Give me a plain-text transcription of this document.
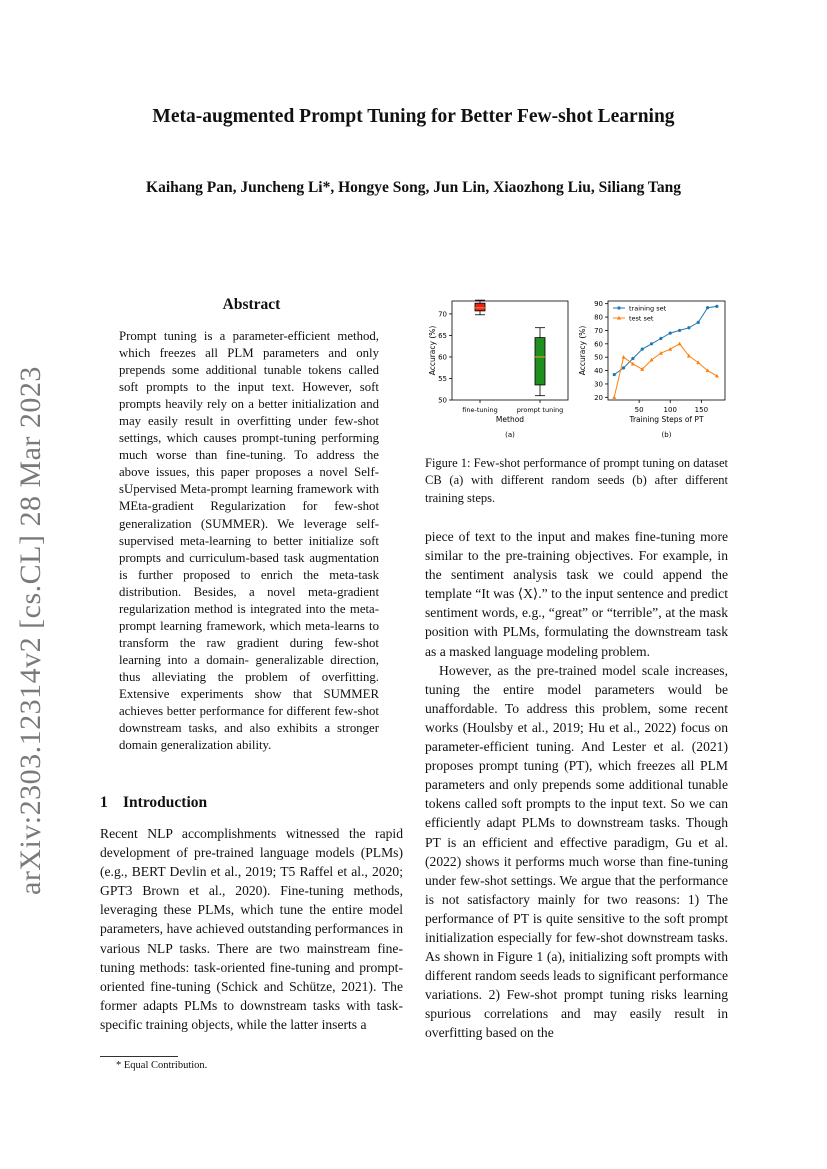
Meta-augmented Prompt Tuning for Better Few-shot Learning
Kaihang Pan, Juncheng Li*, Hongye Song, Jun Lin, Xiaozhong Liu, Siliang Tang
arXiv:2303.12314v2 [cs.CL] 28 Mar 2023
Abstract
Prompt tuning is a parameter-efficient method, which freezes all PLM parameters and only prepends some additional tunable tokens called soft prompts to the input text. However, soft prompts heavily rely on a better initialization and may easily result in overfitting under few-shot settings, which causes prompt-tuning performing much worse than fine-tuning. To address the above issues, this paper proposes a novel Self-sUpervised Meta-prompt learning framework with MEta-gradient Regularization for few-shot generalization (SUMMER). We leverage self-supervised meta-learning to better initialize soft prompts and curriculum-based task augmentation is further proposed to enrich the meta-task distribution. Besides, a novel meta-gradient regularization method is integrated into the meta-prompt learning framework, which meta-learns to transform the raw gradient during few-shot learning into a domain- generalizable direction, thus alleviating the problem of overfitting. Extensive experiments show that SUMMER achieves better performance for different few-shot downstream tasks, and also exhibits a stronger domain generalization ability.
1 Introduction
Recent NLP accomplishments witnessed the rapid development of pre-trained language models (PLMs) (e.g., BERT Devlin et al., 2019; T5 Raffel et al., 2020; GPT3 Brown et al., 2020). Fine-tuning methods, leveraging these PLMs, which tune the entire model parameters, have achieved outstanding performances in various NLP tasks. There are two mainstream fine-tuning methods: task-oriented fine-tuning and prompt-oriented fine-tuning (Schick and Schütze, 2021). The former adapts PLMs to downstream tasks with task-specific training objects, while the latter inserts a
* Equal Contribution.
50
55
60
65
70
fine-tuning	prompt tuning
Method
Accuracy (%)
(a)
20
30
40
50
60
70
80
90
50	100	150
training set
test set
Training Steps of PT
Accuracy (%)
(b)
Figure 1: Few-shot performance of prompt tuning on dataset CB (a) with different random seeds (b) after different training steps.

piece of text to the input and makes fine-tuning more similar to the pre-training objectives. For example, in the sentiment analysis task we could append the template “It was ⟨X⟩.” to the input sentence and predict sentiment words, e.g., “great” or “terrible”, at the mask position with PLMs, formulating the downstream task as a masked language modeling problem.

However, as the pre-trained model scale increases, tuning the entire model parameters would be unaffordable. To address this problem, some recent works (Houlsby et al., 2019; Hu et al., 2022) focus on parameter-efficient tuning. And Lester et al. (2021) proposes prompt tuning (PT), which freezes all PLM parameters and only prepends some additional tunable tokens called soft prompts to the input text. So we can efficiently adapt PLMs to downstream tasks. Though PT is an efficient and effective paradigm, Gu et al. (2022) shows it performs much worse than fine-tuning under few-shot settings. We argue that the performance is not satisfactory mainly for two reasons: 1) The performance of PT is quite sensitive to the soft prompt initialization especially for few-shot downstream tasks. As shown in Figure 1 (a), initializing soft prompts with different random seeds leads to significant performance variations. 2) Few-shot prompt tuning risks learning spurious correlations and may easily result in overfitting based on the
